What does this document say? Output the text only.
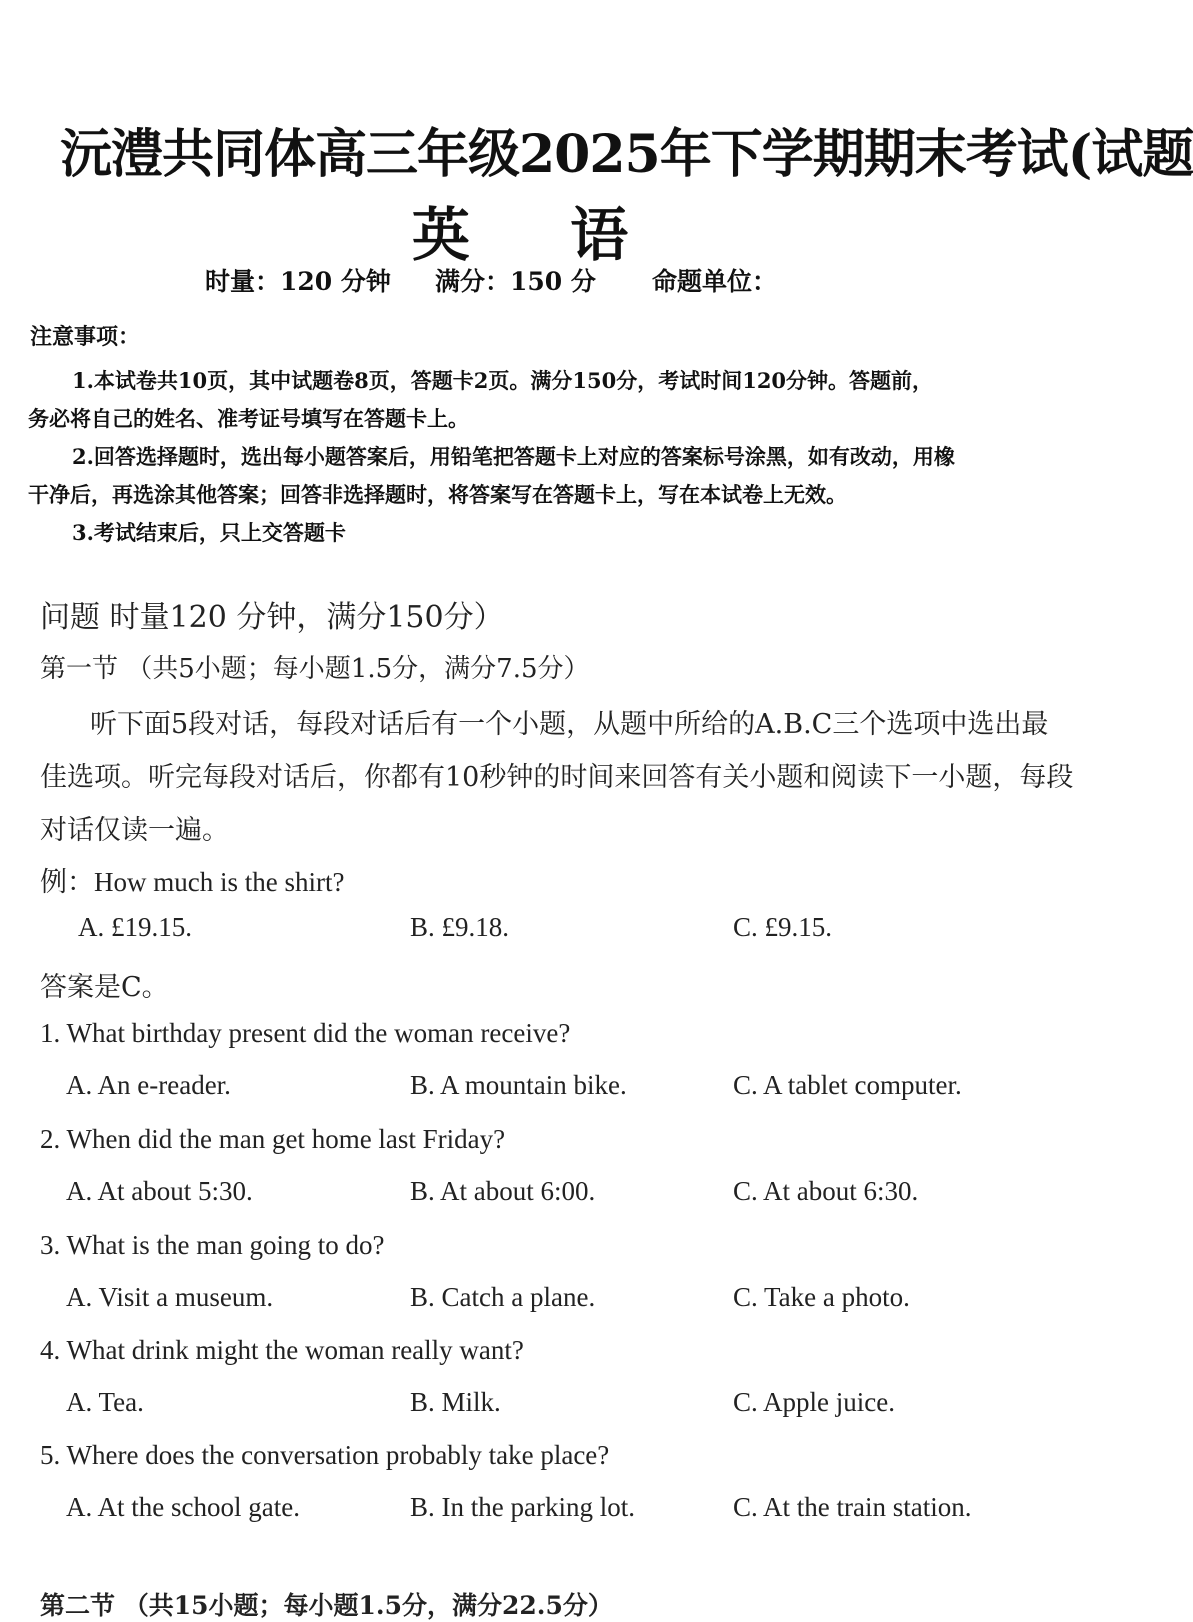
沅澧共同体高三年级2025年下学期期末考试(试题
英 语
时量：120 分钟 满分：150 分 命题单位：
注意事项：
1.本试卷共10页，其中试题卷8页，答题卡2页。满分150分，考试时间120分钟。答题前，
务必将自己的姓名、准考证号填写在答题卡上。
2.回答选择题时，选出每小题答案后，用铅笔把答题卡上对应的答案标号涂黑，如有改动，用橡
干净后，再选涂其他答案；回答非选择题时，将答案写在答题卡上，写在本试卷上无效。
3.考试结束后，只上交答题卡
问题 时量120 分钟，满分150分）
第一节 （共5小题；每小题1.5分，满分7.5分）
听下面5段对话，每段对话后有一个小题，从题中所给的A.B.C三个选项中选出最
佳选项。听完每段对话后，你都有10秒钟的时间来回答有关小题和阅读下一小题，每段
对话仅读一遍。
例：How much is the shirt?
A. £19.15.	B. £9.18.	C. £9.15.
答案是C。
1. What birthday present did the woman receive?
A. An e-reader.	B. A mountain bike.	C. A tablet computer.
2. When did the man get home last Friday?
A. At about 5:30.	B. At about 6:00.	C. At about 6:30.
3. What is the man going to do?
A. Visit a museum.	B. Catch a plane.	C. Take a photo.
4. What drink might the woman really want?
A. Tea.	B. Milk.	C. Apple juice.
5. Where does the conversation probably take place?
A. At the school gate.	B. In the parking lot.	C. At the train station.
第二节 （共15小题；每小题1.5分，满分22.5分）
